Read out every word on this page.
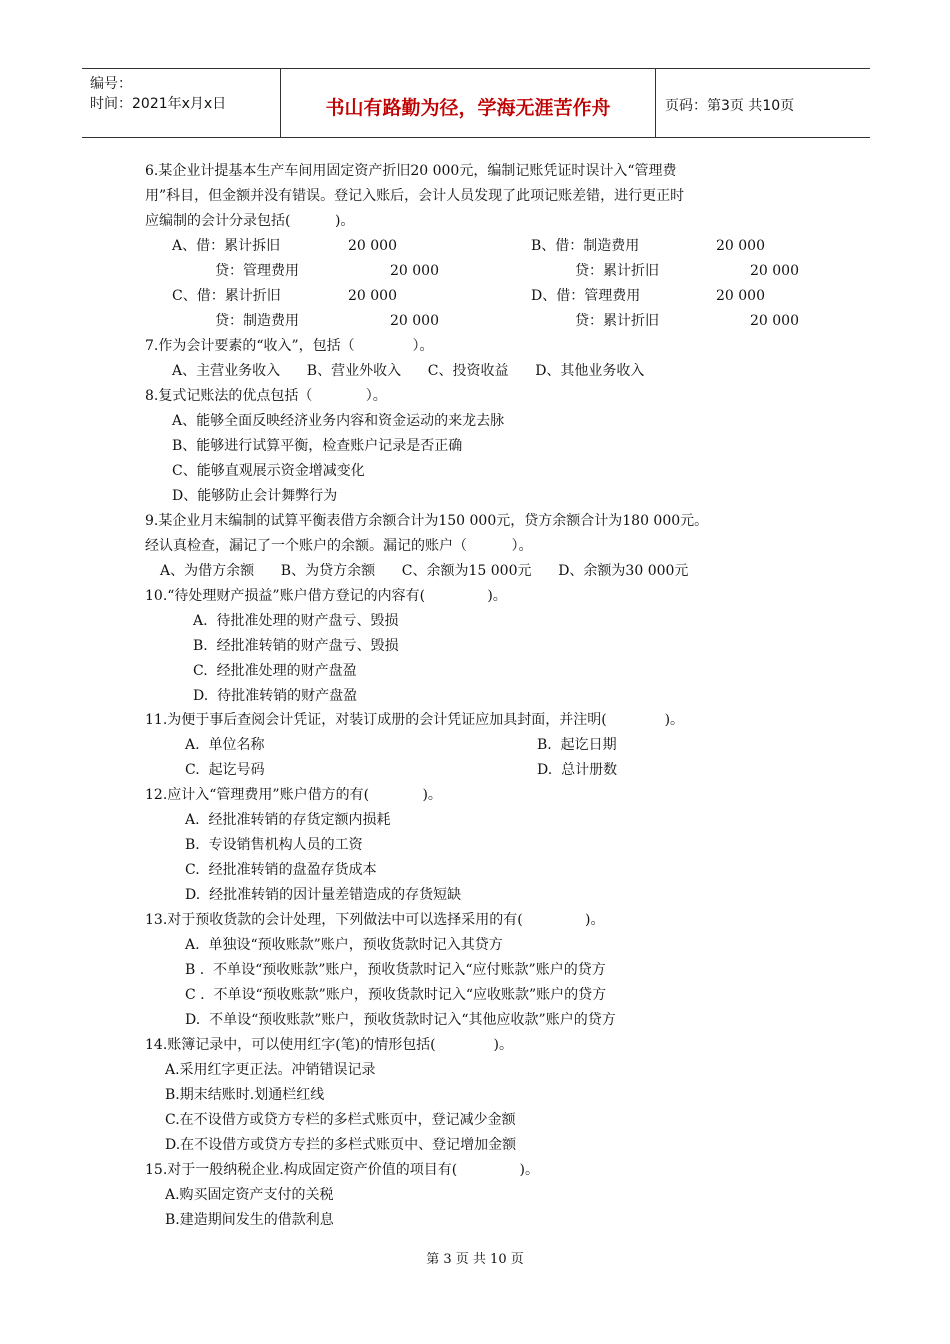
编号：
时间：2021年x月x日	书山有路勤为径，学海无涯苦作舟	页码：第3页 共10页
6.某企业计提基本生产车间用固定资产折旧20 000元，编制记账凭证时误计入“管理费
用”科目，但金额并没有错误。登记入账后，会计人员发现了此项记账差错，进行更正时
应编制的会计分录包括(          )。
A、借：累计拆旧	20 000	B、借：制造费用	20 000
贷：管理费用	20 000	贷：累计折旧	20 000
C、借：累计折旧	20 000	D、借：管理费用	20 000
贷：制造费用	20 000	贷：累计折旧	20 000
7.作为会计要素的“收入”，包括（             ）。
A、主营业务收入      B、营业外收入      C、投资收益      D、其他业务收入
8.复式记账法的优点包括（            ）。
A、能够全面反映经济业务内容和资金运动的来龙去脉
B、能够进行试算平衡，检查账户记录是否正确
C、能够直观展示资金增减变化
D、能够防止会计舞弊行为
9.某企业月末编制的试算平衡表借方余额合计为150 000元，贷方余额合计为180 000元。
经认真检查，漏记了一个账户的余额。漏记的账户（          ）。
A、为借方余额      B、为贷方余额      C、余额为15 000元      D、余额为30 000元
10.“待处理财产损益”账户借方登记的内容有(              )。
A.  待批准处理的财产盘亏、毁损
B.  经批准转销的财产盘亏、毁损
C.  经批准处理的财产盘盈
D.  待批准转销的财产盘盈
11.为便于事后查阅会计凭证，对装订成册的会计凭证应加具封面，并注明(             )。
A.  单位名称	B.  起讫日期
C.  起讫号码	D.  总计册数
12.应计入“管理费用”账户借方的有(            )。
A.  经批准转销的存货定额内损耗
B.  专设销售机构人员的工资
C.  经批准转销的盘盈存货成本
D.  经批准转销的因计量差错造成的存货短缺
13.对于预收货款的会计处理，下列做法中可以选择采用的有(              )。
A.  单独设“预收账款”账户，预收货款时记入其贷方
B .  不单设“预收账款”账户，预收货款时记入“应付账款”账户的贷方
C .  不单设“预收账款”账户，预收货款时记入“应收账款”账户的贷方
D.  不单设“预收账款”账户，预收货款时记入“其他应收款”账户的贷方
14.账簿记录中，可以使用红字(笔)的情形包括(             )。
A.采用红字更正法。冲销错误记录
B.期末结账时.划通栏红线
C.在不设借方或贷方专栏的多栏式账页中，登记减少金额
D.在不设借方或贷方专拦的多栏式账页中、登记增加金额
15.对于一般纳税企业.构成固定资产价值的项目有(              )。
A.购买固定资产支付的关税
B.建造期间发生的借款利息
第 3 页 共 10 页
